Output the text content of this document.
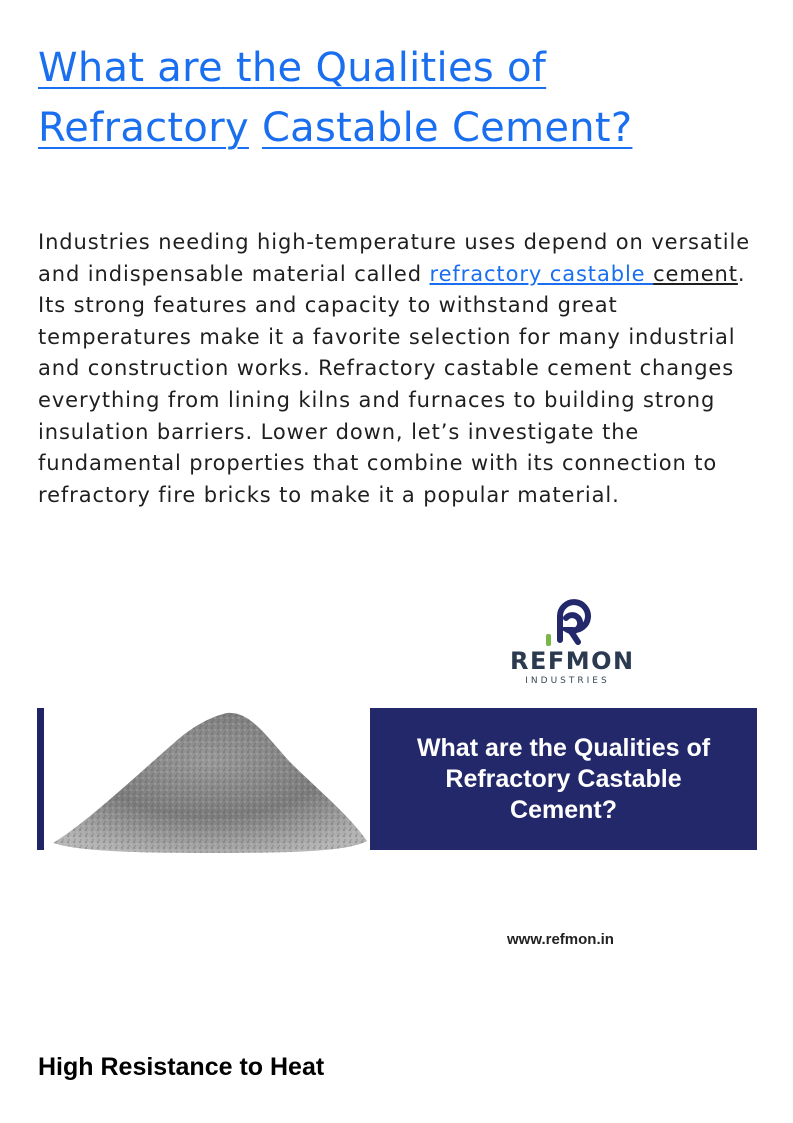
What are the Qualities of
Refractory Castable Cement?

Industries needing high-temperature uses depend on versatile and indispensable material called refractory castable cement. Its strong features and capacity to withstand great temperatures make it a favorite selection for many industrial and construction works. Refractory castable cement changes everything from lining kilns and furnaces to building strong insulation barriers. Lower down, let’s investigate the fundamental properties that combine with its connection to refractory fire bricks to make it a popular material.

REFMON
INDUSTRIES
What are the Qualities of Refractory Castable Cement?
www.refmon.in
High Resistance to Heat
